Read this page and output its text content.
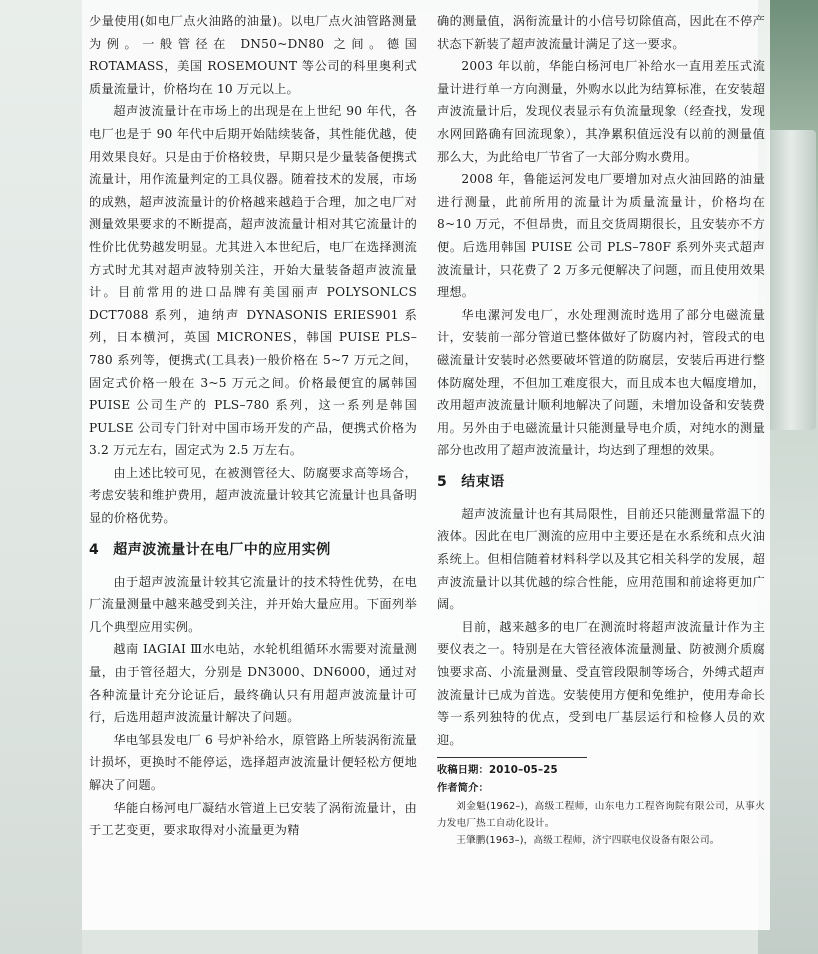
少量使用(如电厂点火油路的油量)。以电厂点火油管路测量为例。一般管径在 DN50~DN80 之间。德国 ROTAMASS，美国 ROSEMOUNT 等公司的科里奥利式质量流量计，价格均在 10 万元以上。

超声波流量计在市场上的出现是在上世纪 90 年代，各电厂也是于 90 年代中后期开始陆续装备，其性能优越，使用效果良好。只是由于价格较贵，早期只是少量装备便携式流量计，用作流量判定的工具仪器。随着技术的发展，市场的成熟，超声波流量计的价格越来越趋于合理，加之电厂对测量效果要求的不断提高，超声波流量计相对其它流量计的性价比优势越发明显。尤其进入本世纪后，电厂在选择测流方式时尤其对超声波特别关注，开始大量装备超声波流量计。目前常用的进口品牌有美国丽声 POLYSONLCS DCT7088 系列，迪纳声 DYNASONIS ERIES901 系列，日本横河，英国 MICRONES，韩国 PUISE PLS–780 系列等，便携式(工具表)一般价格在 5~7 万元之间，固定式价格一般在 3~5 万元之间。价格最便宜的属韩国 PUISE 公司生产的 PLS–780 系列，这一系列是韩国 PULSE 公司专门针对中国市场开发的产品，便携式价格为 3.2 万元左右，固定式为 2.5 万左右。

由上述比较可见，在被测管径大、防腐要求高等场合，考虑安装和维护费用，超声波流量计较其它流量计也具备明显的价格优势。

4 超声波流量计在电厂中的应用实例

由于超声波流量计较其它流量计的技术特性优势，在电厂流量测量中越来越受到关注，并开始大量应用。下面列举几个典型应用实例。

越南 IAGIAI Ⅲ水电站，水轮机组循环水需要对流量测量，由于管径超大，分别是 DN3000、DN6000，通过对各种流量计充分论证后，最终确认只有用超声波流量计可行，后选用超声波流量计解决了问题。

华电邹县发电厂 6 号炉补给水，原管路上所装涡衔流量计损坏，更换时不能停运，选择超声波流量计便轻松方便地解决了问题。

华能白杨河电厂凝结水管道上已安装了涡衔流量计，由于工艺变更，要求取得对小流量更为精

确的测量值，涡衔流量计的小信号切除值高，因此在不停产状态下新装了超声波流量计满足了这一要求。

2003 年以前，华能白杨河电厂补给水一直用差压式流量计进行单一方向测量，外购水以此为结算标准，在安装超声波流量计后，发现仪表显示有负流量现象（经查找，发现水网回路确有回流现象），其净累积值远没有以前的测量值那么大，为此给电厂节省了一大部分购水费用。

2008 年，鲁能运河发电厂要增加对点火油回路的油量进行测量，此前所用的流量计为质量流量计，价格均在 8~10 万元，不但昂贵，而且交货周期很长，且安装亦不方便。后选用韩国 PUISE 公司 PLS–780F 系列外夹式超声波流量计，只花费了 2 万多元便解决了问题，而且使用效果理想。

华电漯河发电厂，水处理测流时选用了部分电磁流量计，安装前一部分管道已整体做好了防腐内衬，管段式的电磁流量计安装时必然要破坏管道的防腐层，安装后再进行整体防腐处理，不但加工难度很大，而且成本也大幅度增加，改用超声波流量计顺利地解决了问题，未增加设备和安装费用。另外由于电磁流量计只能测量导电介质，对纯水的测量部分也改用了超声波流量计，均达到了理想的效果。

5 结束语

超声波流量计也有其局限性，目前还只能测量常温下的液体。因此在电厂测流的应用中主要还是在水系统和点火油系统上。但相信随着材料科学以及其它相关科学的发展，超声波流量计以其优越的综合性能，应用范围和前途将更加广阔。

目前，越来越多的电厂在测流时将超声波流量计作为主要仪表之一。特别是在大管径液体流量测量、防被测介质腐蚀要求高、小流量测量、受直管段限制等场合，外缚式超声波流量计已成为首选。安装使用方便和免维护，使用寿命长等一系列独特的优点，受到电厂基层运行和检修人员的欢迎。

收稿日期：2010–05–25
作者简介：
刘金魁(1962–)，高级工程师，山东电力工程咨询院有限公司，从事火力发电厂热工自动化设计。
王肇鹏(1963–)，高级工程师，济宁四联电仪设备有限公司。
